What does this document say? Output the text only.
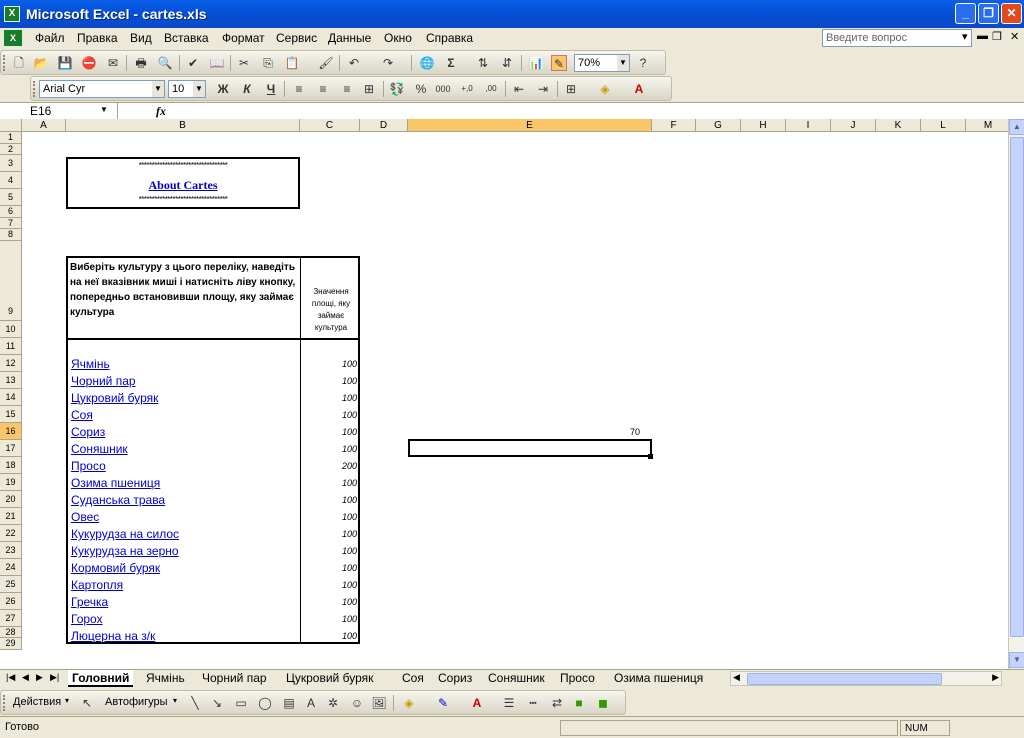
X Microsoft Excel - cartes.xls	_	❐	✕
X	Файл Правка Вид Вставка Формат Сервис Данные Окно Справка	Введите вопрос	▾ ▬ ❐ ✕
🗋 📂 💾 ⛔ ✉ 🖶 🔍 ✔ 📖 ✂ ⎘ 📋 🖌 ↶ ↷ 🌐	Σ	⇅ ⇵ 📊 ✎	70% ▼	?
Arial Cyr	▼ 10 ▼ Ж	К	Ч	≡	≡	≡	⊞ 💱 % 000 +,0	,00 ⇤ ⇥ ⊞ ◈	A
E16	▼	fx
A	B	C	D	E	F	G	H	I	J	K	L	M
1
2
3
4
5
6
7
8
9
10
11
12
13
14
15
16
17
18
19
20
21
22
23
24
25
26
27
28
29
**********************************
About Cartes
**********************************
Виберіть культуру з цього переліку, наведіть на неї вказівник миші і натисніть ліву кнопку, попередньо встановивши площу, яку займає культура
Значення площі, яку займає культура
Ячмінь	100
Чорний пар	100
Цукровий буряк	100
Соя	100
Сориз	100
Соняшник	100
Просо	200
Озима пшениця	100
Суданська трава	100
Овес	100
Кукурудза на силос	100
Кукурудза на зерно	100
Кормовий буряк	100
Картопля	100
Гречка	100
Горох	100
Люцерна на з/к	100
70
▲
▼
|◀ ◀ ▶ ▶|	Головний	Ячмінь	Чорний пар	Цукровий буряк	Соя	Сориз	Соняшник	Просо	Озима пшениця	◀	▶
Действия ▾ ↖ Автофигуры ▾	╲	↘ ▭ ◯ ▤	A	✲ ☺ 🖼 ◈ ✎	A	☰	┅	⇄	■	◼
Готово	NUM
